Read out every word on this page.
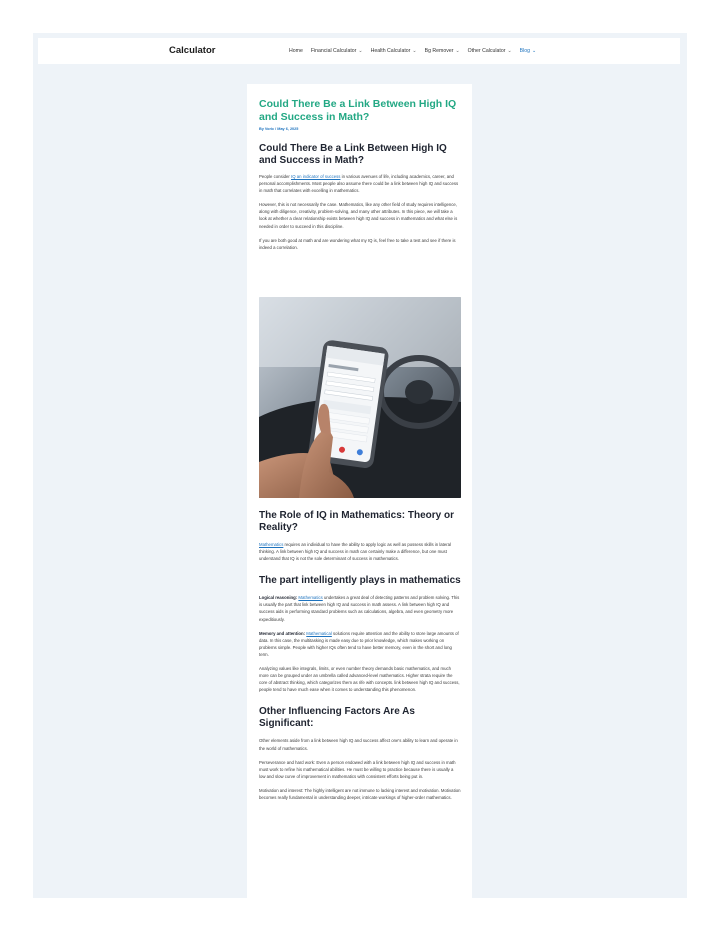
Calculator	Home Financial Calculator ⌄ Health Calculator ⌄ Bg Remover ⌄ Other Calculator ⌄ Blog ⌄
Could There Be a Link Between High IQ and Success in Math?
By Voric / May 6, 2025
Could There Be a Link Between High IQ and Success in Math?

People consider IQ an indicator of success in various avenues of life, including academics, career, and personal accomplishments. Most people also assume there could be a link between high IQ and success in math that correlates with excelling in mathematics.

However, this is not necessarily the case. Mathematics, like any other field of study requires intelligence, along with diligence, creativity, problem-solving, and many other attributes. In this piece, we will take a look at whether a clear relationship exists between high IQ and success in mathematics and what else is needed in order to succeed in this discipline.

If you are both good at math and are wondering what my IQ is, feel free to take a test and see if there is indeed a correlation.

The Role of IQ in Mathematics: Theory or Reality?

Mathematics requires an individual to have the ability to apply logic as well as possess skills in lateral thinking. A link between high IQ and success in math can certainly make a difference, but one must understand that IQ is not the sole determinant of success in mathematics.

The part intelligently plays in mathematics

Logical reasoning: Mathematics undertakes a great deal of detecting patterns and problem solving. This is usually the part that link between high IQ and success in math assess. A link between high IQ and success aids in performing standard problems such as calculations, algebra, and even geometry more expeditiously.

Memory and attention: Mathematical solutions require attention and the ability to store large amounts of data. In this case, the multitasking is made easy due to prior knowledge, which makes working on problems simple. People with higher IQs often tend to have better memory, even in the short and long term.

Analyzing values like integrals, limits, or even number theory demands basic mathematics, and much more can be grouped under an umbrella called advanced-level mathematics. Higher strata require the core of abstract thinking, which categorizes them as rife with concepts. link between high IQ and success, people tend to have much ease when it comes to understanding this phenomenon.

Other Influencing Factors Are As Significant:

Other elements aside from a link between high IQ and success affect one's ability to learn and operate in the world of mathematics.

Perseverance and hard work: Even a person endowed with a link between high IQ and success in math must work to refine his mathematical abilities. He must be willing to practice because there is usually a low and slow curve of improvement in mathematics with consistent efforts being put in.

Motivation and interest: The highly intelligent are not immune to lacking interest and motivation. Motivation becomes really fundamental in understanding deeper, intricate workings of higher-order mathematics.
